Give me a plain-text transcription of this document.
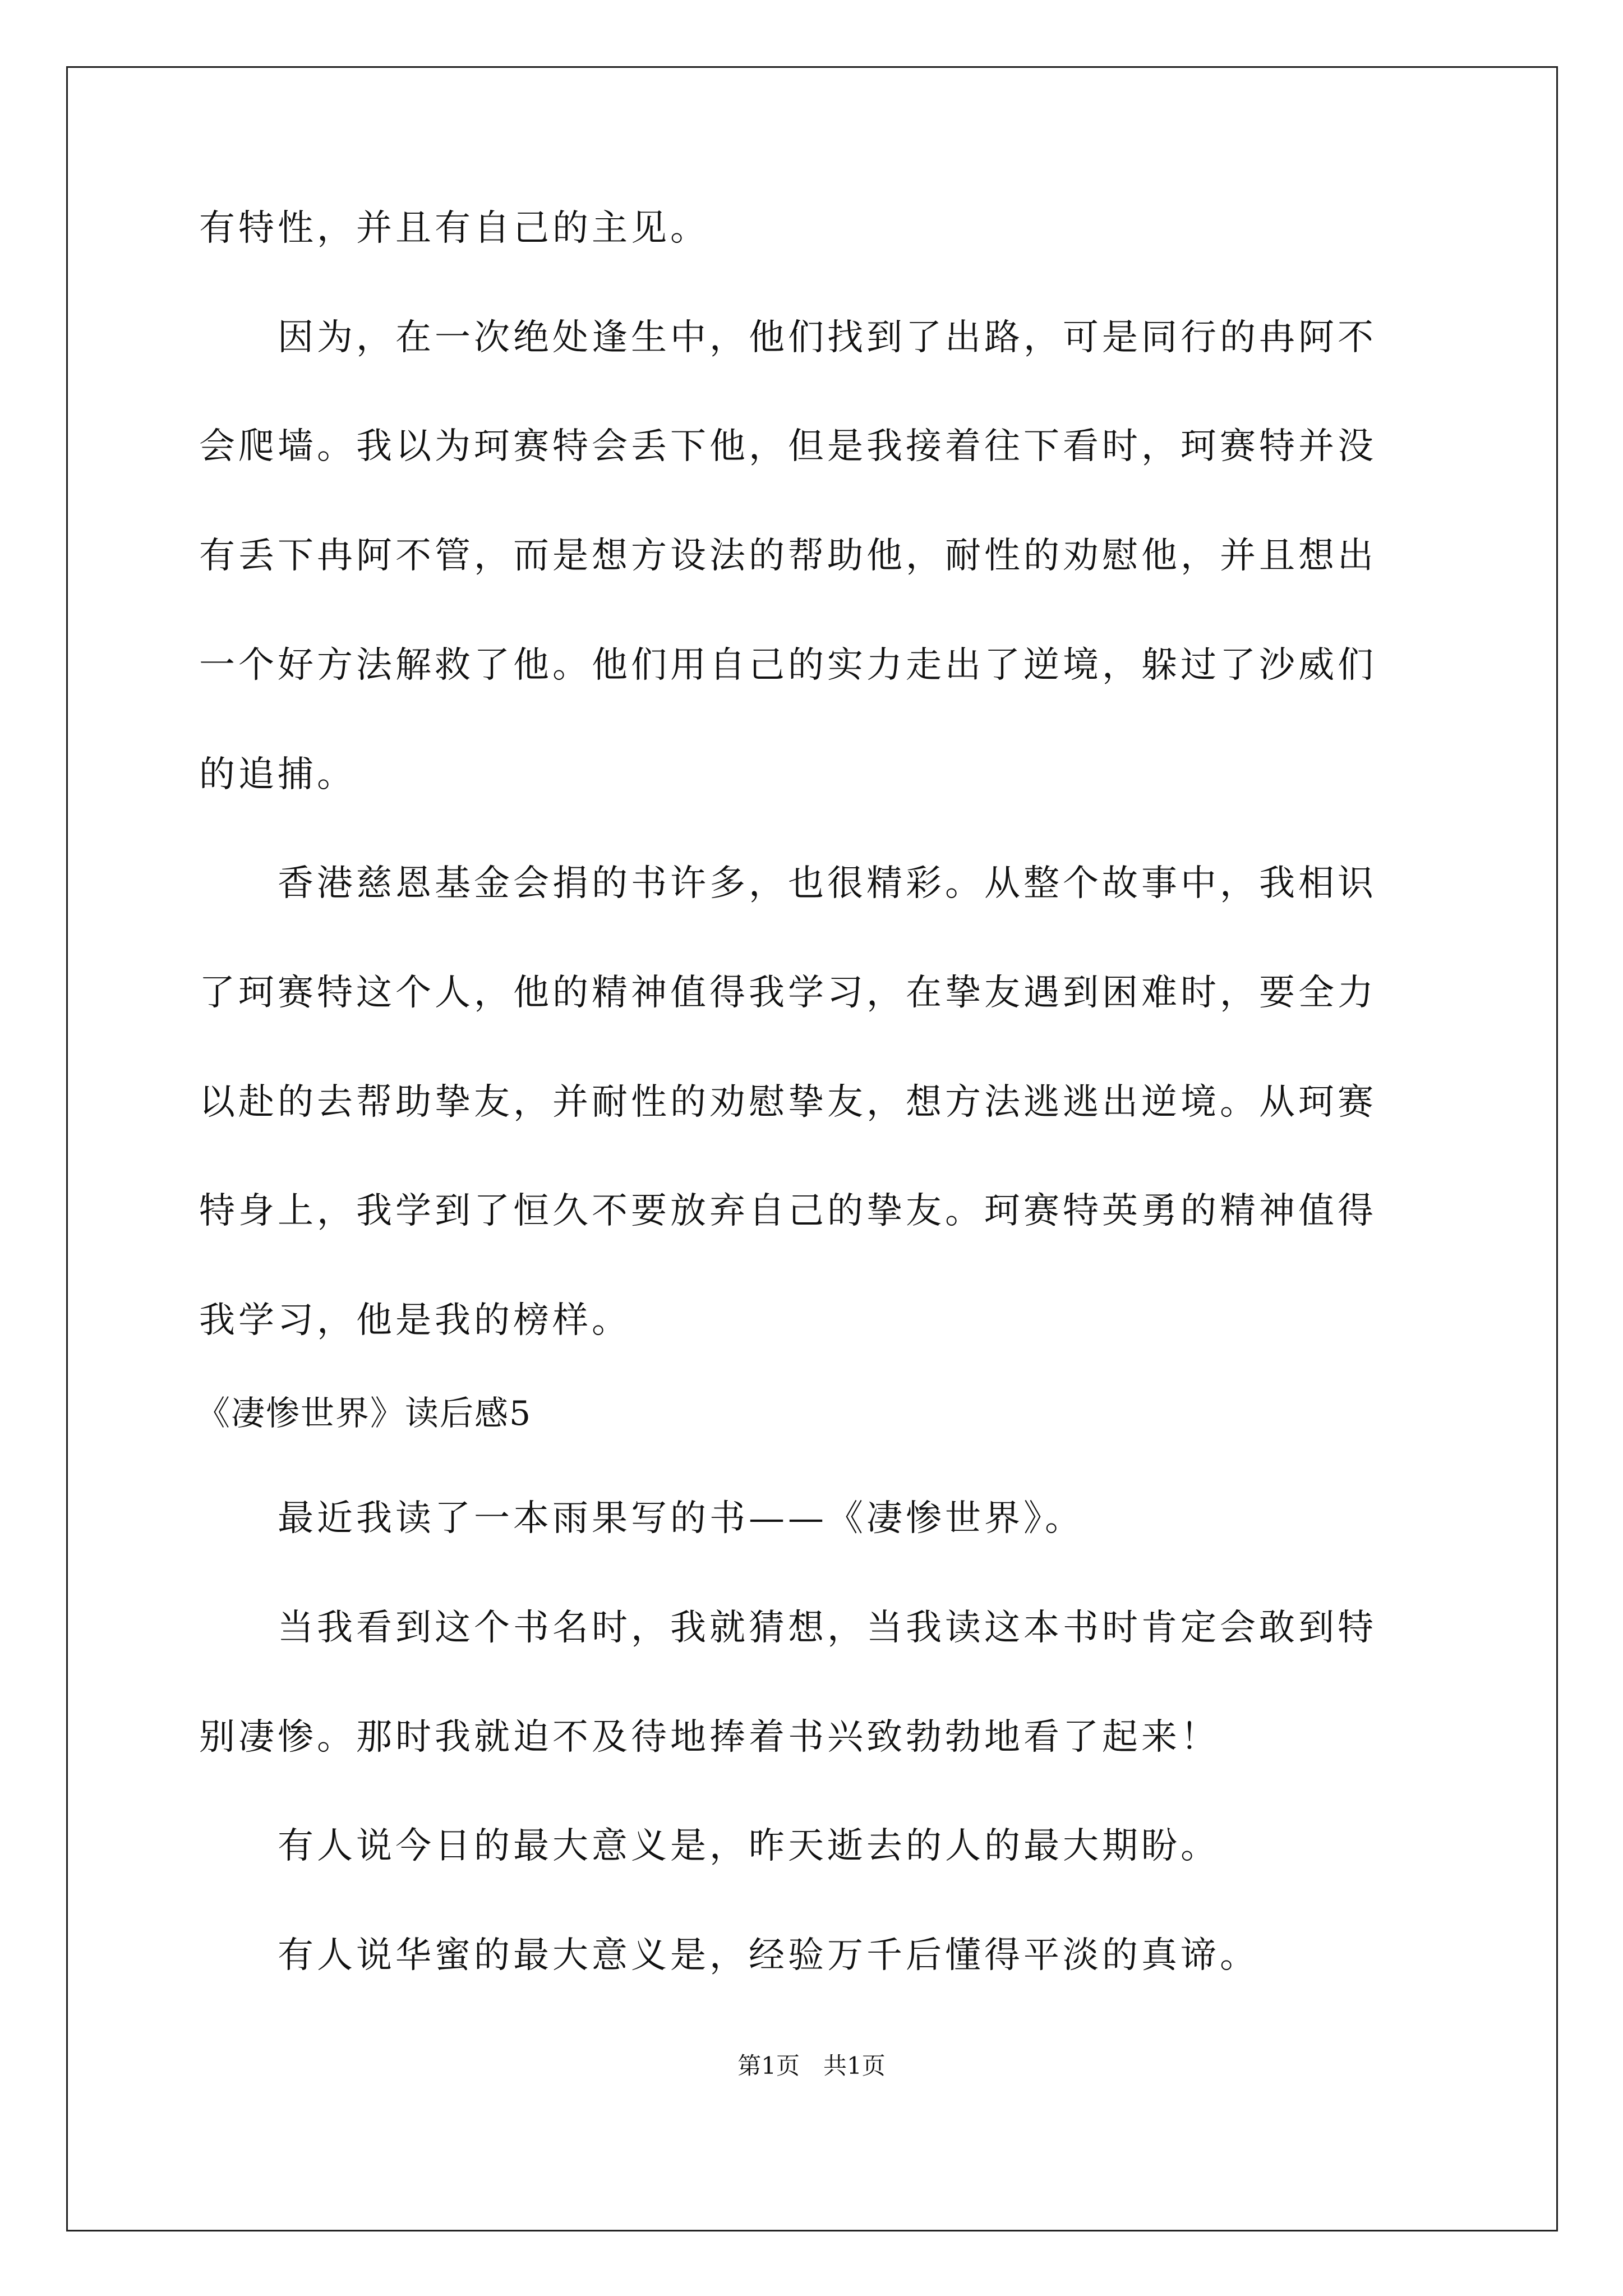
有特性，并且有自己的主见。
　　因为，在一次绝处逢生中，他们找到了出路，可是同行的冉阿不
会爬墙。我以为珂赛特会丢下他，但是我接着往下看时，珂赛特并没
有丢下冉阿不管，而是想方设法的帮助他，耐性的劝慰他，并且想出
一个好方法解救了他。他们用自己的实力走出了逆境，躲过了沙威们
的追捕。
　　香港慈恩基金会捐的书许多，也很精彩。从整个故事中，我相识
了珂赛特这个人，他的精神值得我学习，在挚友遇到困难时，要全力
以赴的去帮助挚友，并耐性的劝慰挚友，想方法逃逃出逆境。从珂赛
特身上，我学到了恒久不要放弃自己的挚友。珂赛特英勇的精神值得
我学习，他是我的榜样。
《凄惨世界》读后感5
　　最近我读了一本雨果写的书——《凄惨世界》。
　　当我看到这个书名时，我就猜想，当我读这本书时肯定会敢到特
别凄惨。那时我就迫不及待地捧着书兴致勃勃地看了起来！
　　有人说今日的最大意义是，昨天逝去的人的最大期盼。
　　有人说华蜜的最大意义是，经验万千后懂得平淡的真谛。
第1页　共1页
